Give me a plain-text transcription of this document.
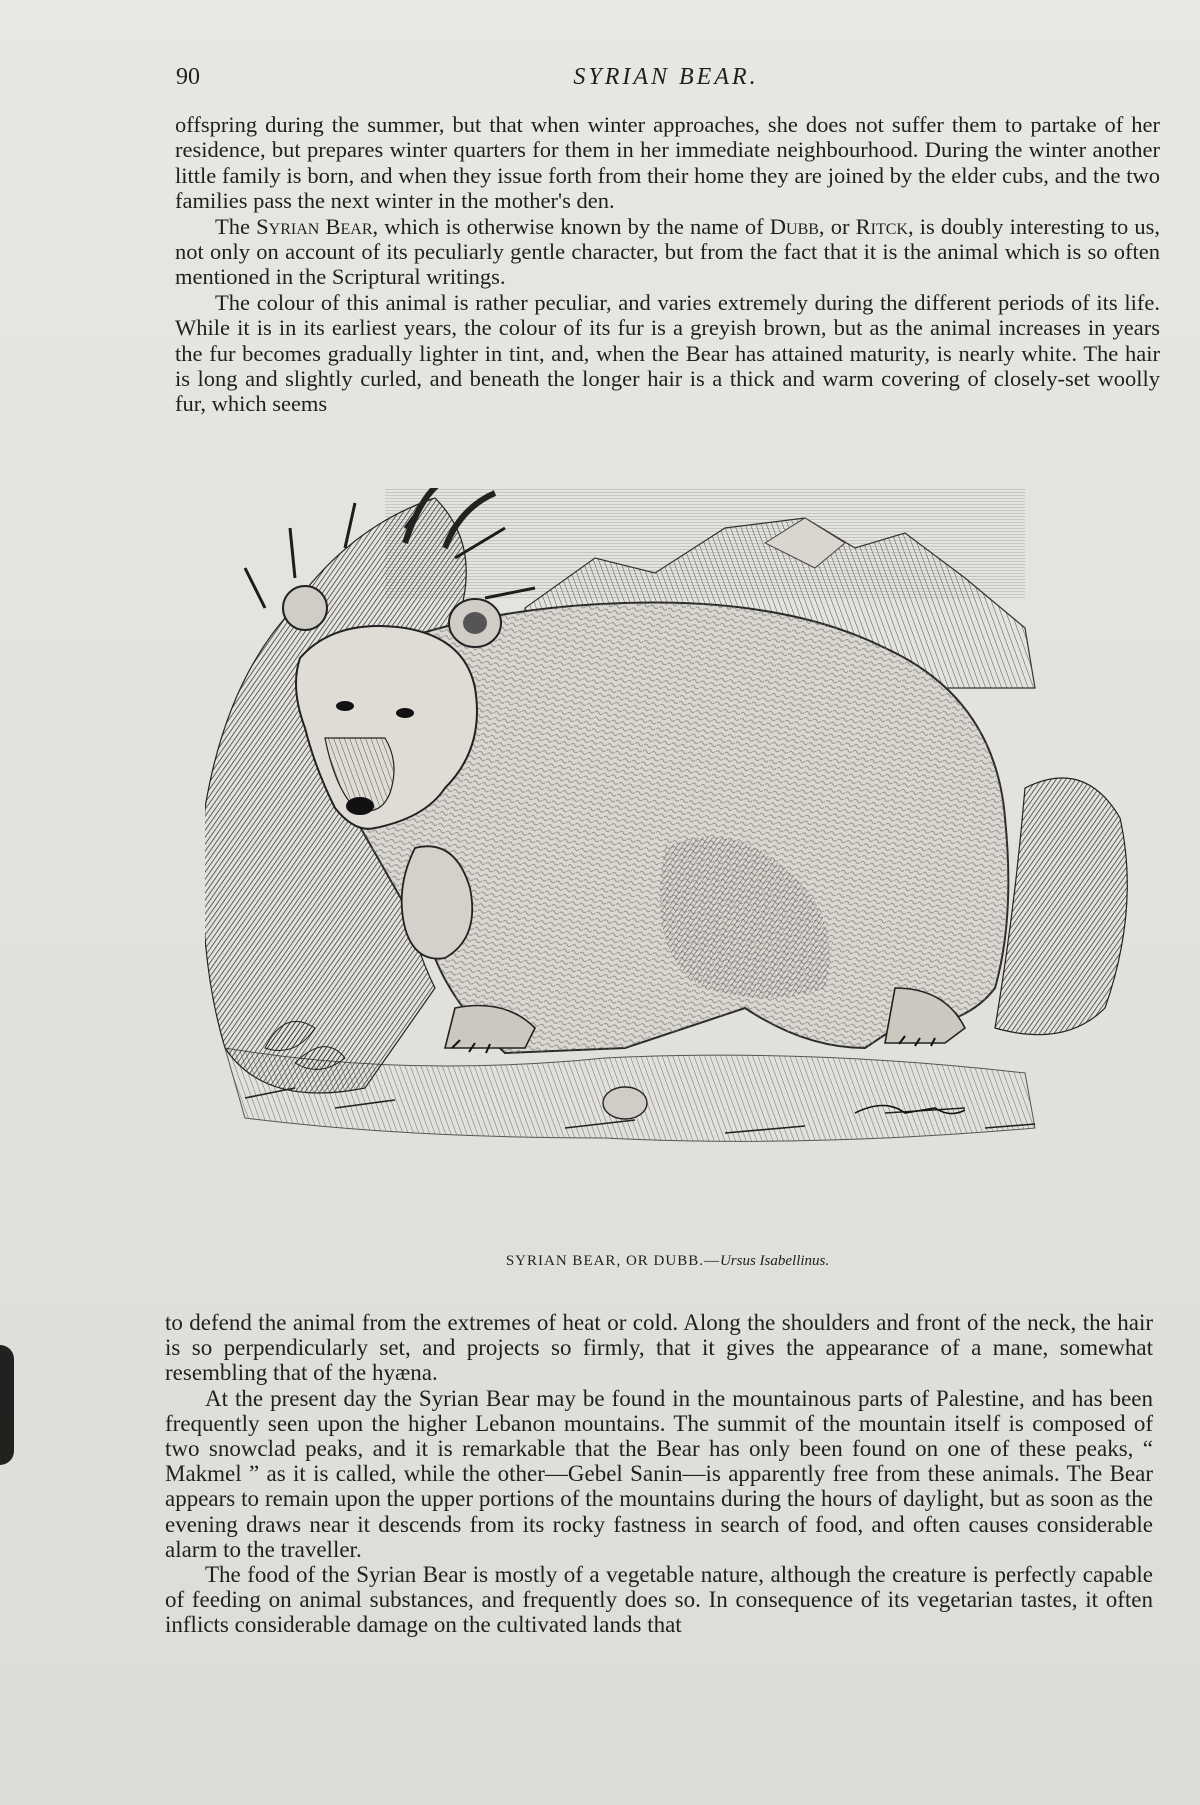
90	SYRIAN BEAR.

offspring during the summer, but that when winter approaches, she does not suffer them to partake of her residence, but prepares winter quarters for them in her immediate neighbourhood. During the winter another little family is born, and when they issue forth from their home they are joined by the elder cubs, and the two families pass the next winter in the mother's den.

The Syrian Bear, which is otherwise known by the name of Dubb, or Ritck, is doubly interesting to us, not only on account of its peculiarly gentle character, but from the fact that it is the animal which is so often mentioned in the Scriptural writings.

The colour of this animal is rather peculiar, and varies extremely during the different periods of its life. While it is in its earliest years, the colour of its fur is a greyish brown, but as the animal increases in years the fur becomes gradually lighter in tint, and, when the Bear has attained maturity, is nearly white. The hair is long and slightly curled, and beneath the longer hair is a thick and warm covering of closely-set woolly fur, which seems

SYRIAN BEAR, OR DUBB.—Ursus Isabellinus.

to defend the animal from the extremes of heat or cold. Along the shoulders and front of the neck, the hair is so perpendicularly set, and projects so firmly, that it gives the appearance of a mane, somewhat resembling that of the hyæna.

At the present day the Syrian Bear may be found in the mountainous parts of Palestine, and has been frequently seen upon the higher Lebanon mountains. The summit of the mountain itself is composed of two snowclad peaks, and it is remarkable that the Bear has only been found on one of these peaks, “ Makmel ” as it is called, while the other—Gebel Sanin—is apparently free from these animals. The Bear appears to remain upon the upper portions of the mountains during the hours of daylight, but as soon as the evening draws near it descends from its rocky fastness in search of food, and often causes considerable alarm to the traveller.

The food of the Syrian Bear is mostly of a vegetable nature, although the creature is perfectly capable of feeding on animal substances, and frequently does so. In consequence of its vegetarian tastes, it often inflicts considerable damage on the cultivated lands that
